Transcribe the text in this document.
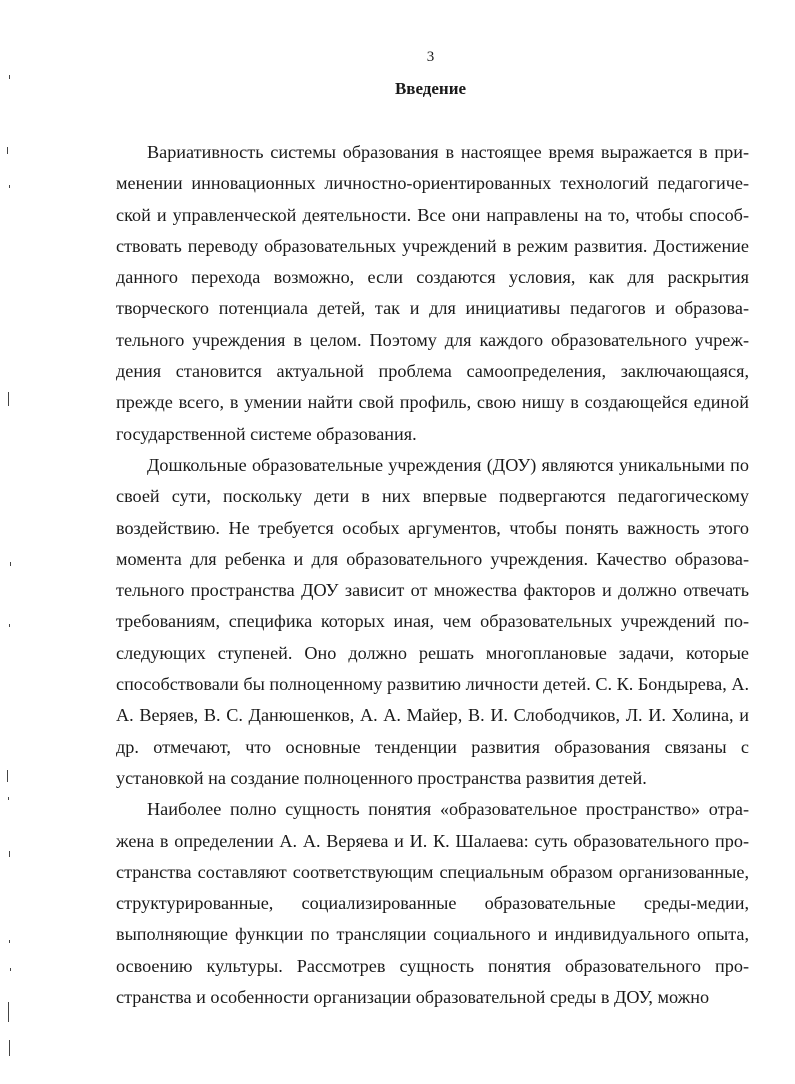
3
Введение

Вариативность системы образования в настоящее время выражается в применении инновационных личностно-ориентированных технологий педагогической и управленческой деятельности. Все они направлены на то, чтобы способствовать переводу образовательных учреждений в режим развития. Достижение данного перехода возможно, если создаются условия, как для раскрытия творческого потенциала детей, так и для инициативы педагогов и образовательного учреждения в целом. Поэтому для каждого образовательного учреждения становится актуальной проблема самоопределения, заключающаяся, прежде всего, в умении найти свой профиль, свою нишу в создающейся единой государственной системе образования.

Дошкольные образовательные учреждения (ДОУ) являются уникальными по своей сути, поскольку дети в них впервые подвергаются педагогическому воздействию. Не требуется особых аргументов, чтобы понять важность этого момента для ребенка и для образовательного учреждения. Качество образовательного пространства ДОУ зависит от множества факторов и должно отвечать требованиям, специфика которых иная, чем образовательных учреждений последующих ступеней. Оно должно решать многоплановые задачи, которые способствовали бы полноценному развитию личности детей. С. К. Бондырева, А. А. Веряев, В. С. Данюшенков, А. А. Майер, В. И. Слободчиков, Л. И. Холина, и др. отмечают, что основные тенденции развития образования связаны с установкой на создание полноценного пространства развития детей.

Наиболее полно сущность понятия «образовательное пространство» отражена в определении А. А. Веряева и И. К. Шалаева: суть образовательного пространства составляют соответствующим специальным образом организованные, структурированные, социализированные образовательные среды-медии, выполняющие функции по трансляции социального и индивидуального опыта, освоению культуры. Рассмотрев сущность понятия образовательного пространства и особенности организации образовательной среды в ДОУ, можно
